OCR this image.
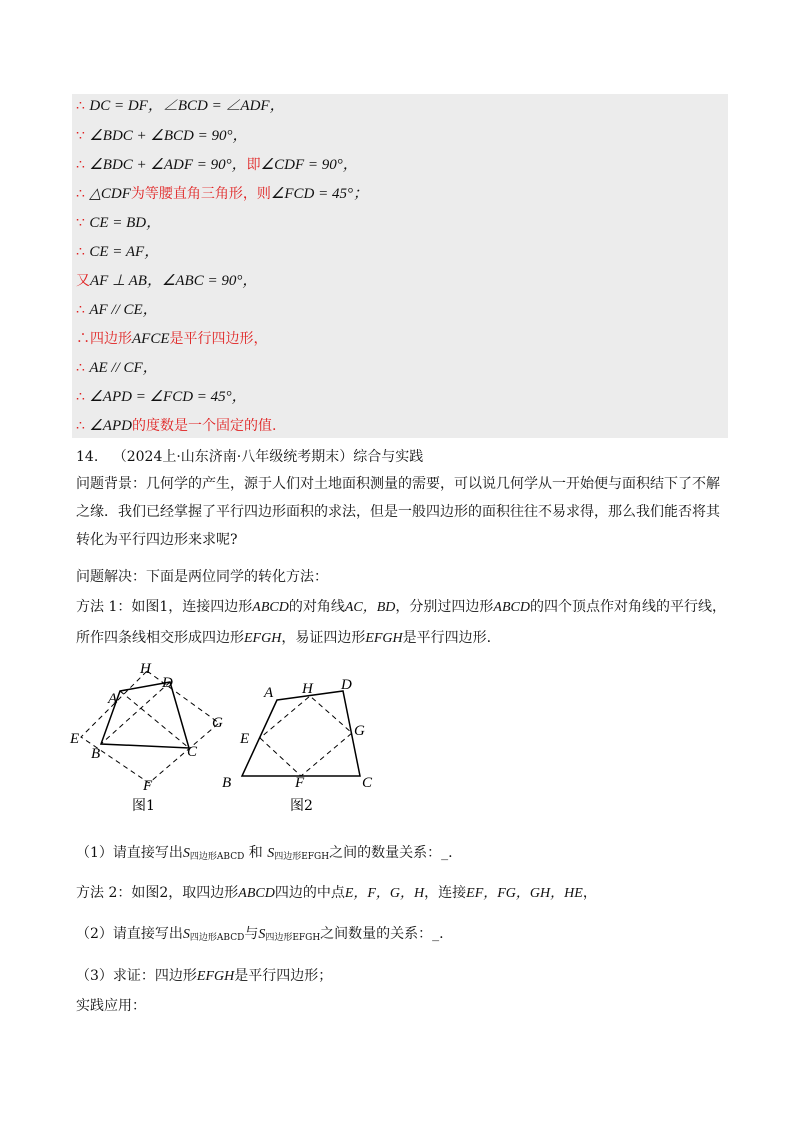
∴ DC = DF，∠BCD = ∠ADF，
∵ ∠BDC + ∠BCD = 90°，
∴ ∠BDC + ∠ADF = 90°，即∠CDF = 90°，
∴ △CDF为等腰直角三角形，则∠FCD = 45°；
∵ CE = BD，
∴ CE = AF，
又AF ⊥ AB，∠ABC = 90°，
∴ AF // CE，
∴四边形AFCE是平行四边形，
∴ AE // CF，
∴ ∠APD = ∠FCD = 45°，
∴ ∠APD的度数是一个固定的值.
14. （2024上·山东济南·八年级统考期末）综合与实践
问题背景：几何学的产生，源于人们对土地面积测量的需要，可以说几何学从一开始便与面积结下了不解之缘．我们已经掌握了平行四边形面积的求法，但是一般四边形的面积往往不易求得，那么我们能否将其转化为平行四边形来求呢?
问题解决：下面是两位同学的转化方法：
方法 1：如图1，连接四边形ABCD的对角线AC，BD，分别过四边形ABCD的四个顶点作对角线的平行线，所作四条线相交形成四边形EFGH，易证四边形EFGH是平行四边形.
H
A
D
E
G
B	C
F
图1
A H D
E	G
B	F	C
图2
（1）请直接写出$S_{四边形ABCD}$ 和 $S_{四边形EFGH}$之间的数量关系：_.
方法 2：如图2，取四边形ABCD四边的中点E，F，G，H，连接EF，FG，GH，HE，
（2）请直接写出$S_{四边形ABCD}$与$S_{四边形EFGH}$之间数量的关系：_.
（3）求证：四边形EFGH是平行四边形；
实践应用：
